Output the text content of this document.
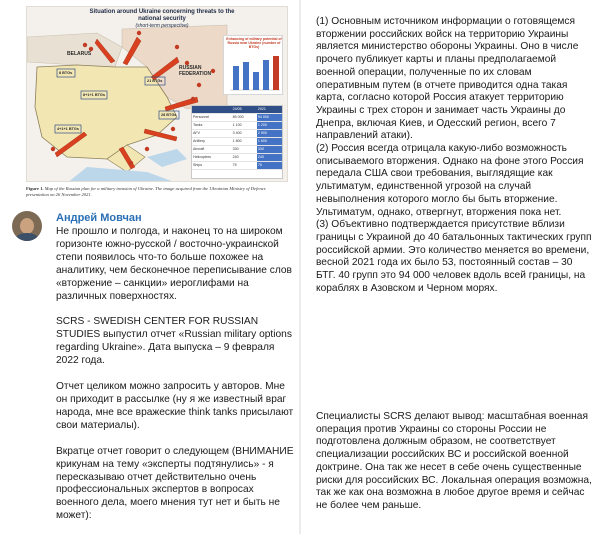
Situation around Ukraine concerning threats to the national security
(short-term perspective)
BELARUS
RUSSIAN FEDERATION
8 BTGs
21 BTGs
28 BTGs
4+1+1 BTGs
8+1+1 BTGs
Enhancing of military potential of Russia near Ukraine (number of BTGs)
24/05	2021
Personnel	85 000	94 000
Tanks	1 100	1 200
AFV	3 400	2 900
Artillery	1 800	1 600
Aircraft	330	330
Helicopters	240	240
Ships	75	75
Figure 1. Map of the Russian plan for a military invasion of Ukraine. The image acquired from the Ukrainian Ministry of Defence presentation on 26 November 2021.
Андрей Мовчан

Не прошло и полгода, и наконец то на широком горизонте южно-русской / восточно-украинской степи появилось что-то больше похожее на аналитику, чем бесконечное переписывание слов «вторжение – санкции» иероглифами на различных поверхностях.

SCRS - SWEDISH CENTER FOR RUSSIAN STUDIES выпустил отчет «Russian military options regarding Ukraine». Дата выпуска – 9 февраля 2022 года.

Отчет целиком можно запросить у авторов. Мне он приходит в рассылке (ну я же известный враг народа, мне все вражеские think tanks присылают свои материалы).

Вкратце отчет говорит о следующем (ВНИМАНИЕ крикунам на тему «эксперты подтянулись» - я пересказываю отчет действительно очень профессиональных экспертов в вопросах военного дела, моего мнения тут нет и быть не может):

(1) Основным источником информации о готовящемся вторжении российских войск на территорию Украины является министерство обороны Украины. Оно в числе прочего публикует карты и планы предполагаемой военной операции, полученные по их словам оперативным путем (в отчете приводится одна такая карта, согласно которой Россия атакует территорию Украины с трех сторон и занимает часть Украины до Днепра, включая Киев, и Одесский регион, всего 7 направлений атаки).
(2) Россия всегда отрицала какую-либо возможность описываемого вторжения. Однако на фоне этого Россия передала США свои требования, выглядящие как ультиматум, единственной угрозой на случай невыполнения которого могло бы быть вторжение. Ультиматум, однако, отвергнут, вторжения пока нет.
(3) Объективно подтверждается присутствие вблизи границы с Украиной до 40 батальонных тактических групп российской армии. Это количество меняется во времени, весной 2021 года их было 53, постоянный состав – 30 БТГ. 40 групп это 94 000 человек вдоль всей границы, на кораблях в Азовском и Черном морях.
Специалисты SCRS делают вывод: масштабная военная операция против Украины со стороны России не подготовлена должным образом, не соответствует специализации российских ВС и российской военной доктрине. Она так же несет в себе очень существенные риски для российских ВС. Локальная операция возможна, так же как она возможна в любое другое время и сейчас не более чем раньше.
